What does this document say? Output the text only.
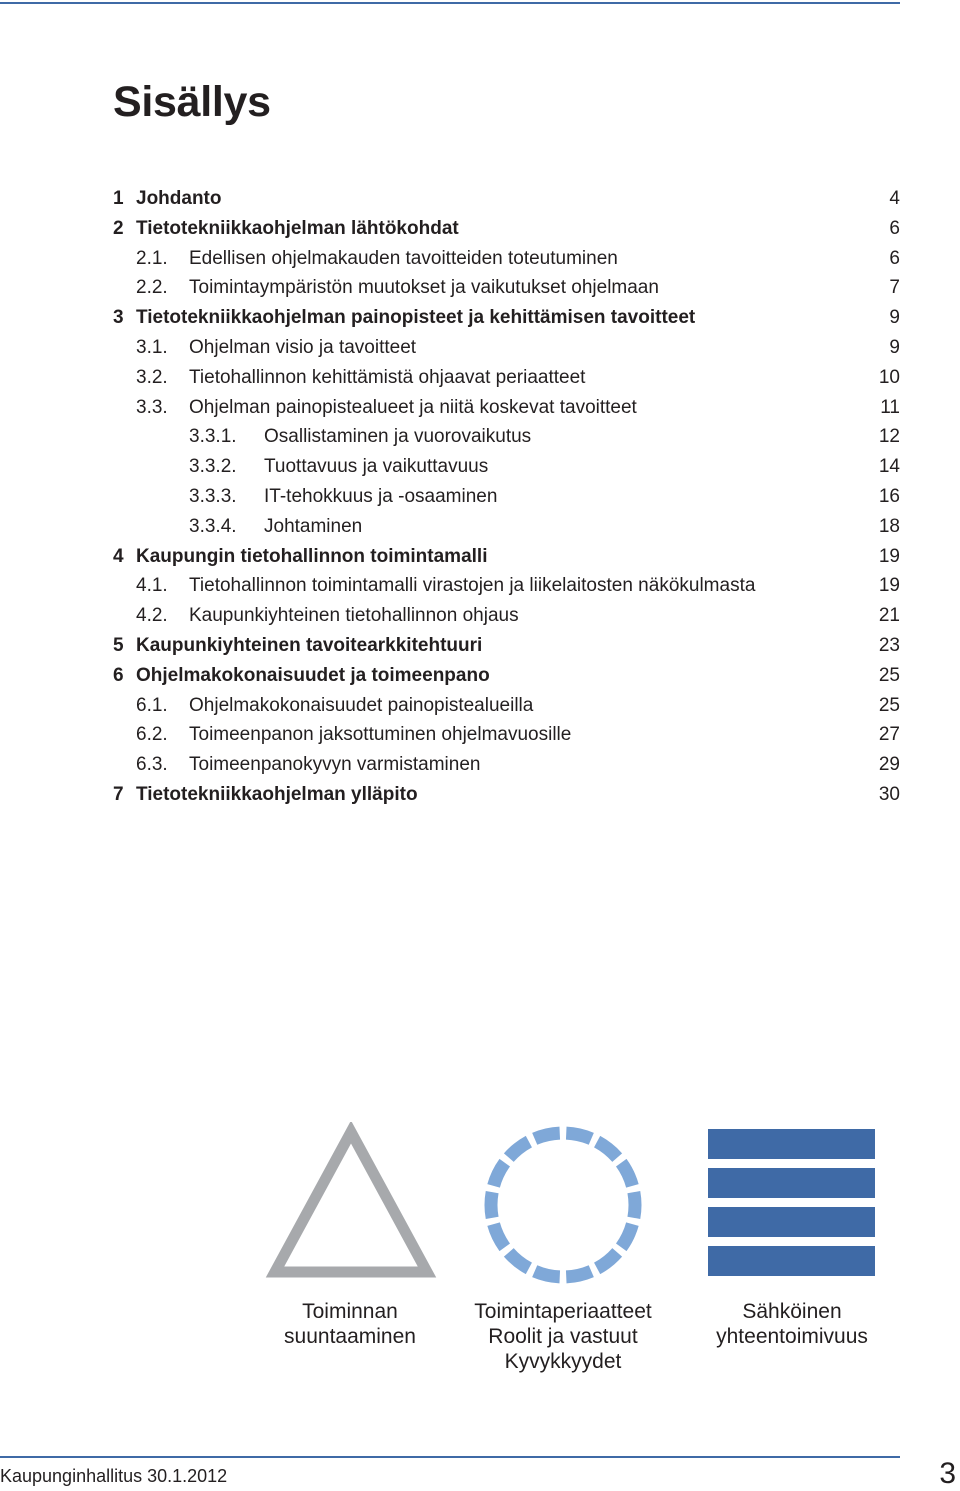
Sisällys
1 Johdanto	4
2 Tietotekniikkaohjelman lähtökohdat	6
2.1. Edellisen ohjelmakauden tavoitteiden toteutuminen	6
2.2. Toimintaympäristön muutokset ja vaikutukset ohjelmaan	7
3 Tietotekniikkaohjelman painopisteet ja kehittämisen tavoitteet	9
3.1. Ohjelman visio ja tavoitteet	9
3.2. Tietohallinnon kehittämistä ohjaavat periaatteet	10
3.3. Ohjelman painopistealueet ja niitä koskevat tavoitteet	11
3.3.1. Osallistaminen ja vuorovaikutus	12
3.3.2. Tuottavuus ja vaikuttavuus	14
3.3.3. IT-tehokkuus ja -osaaminen	16
3.3.4. Johtaminen	18
4 Kaupungin tietohallinnon toimintamalli	19
4.1. Tietohallinnon toimintamalli virastojen ja liikelaitosten näkökulmasta	19
4.2. Kaupunkiyhteinen tietohallinnon ohjaus	21
5 Kaupunkiyhteinen tavoitearkkitehtuuri	23
6 Ohjelmakokonaisuudet ja toimeenpano	25
6.1. Ohjelmakokonaisuudet painopistealueilla	25
6.2. Toimeenpanon jaksottuminen ohjelmavuosille	27
6.3. Toimeenpanokyvyn varmistaminen	29
7 Tietotekniikkaohjelman ylläpito	30
Toiminnan
suuntaaminen
Toimintaperiaatteet
Roolit ja vastuut
Kyvykkyydet
Sähköinen
yhteentoimivuus
Kaupunginhallitus 30.1.2012	3
